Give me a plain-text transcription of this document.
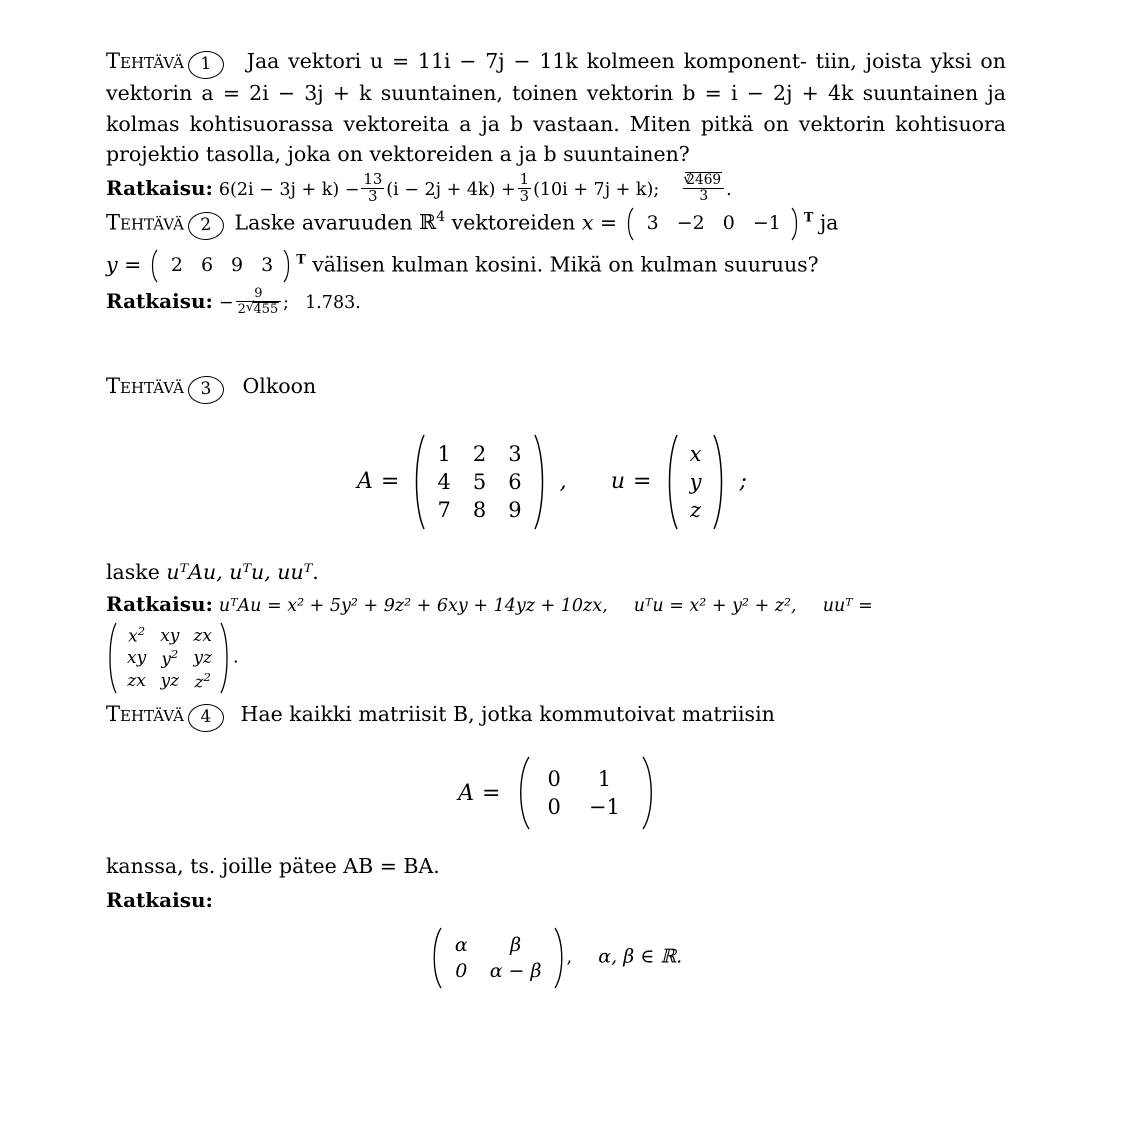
Tehtävä 1 Jaa vektori u = 11i − 7j − 11k kolmeen komponent- tiin, joista yksi on vektorin a = 2i − 3j + k suuntainen, toinen vektorin b = i − 2j + 4k suuntainen ja kolmas kohtisuorassa vektoreita a ja b vastaan. Miten pitkä on vektorin kohtisuora projektio tasolla, joka on vektoreiden a ja b suuntainen?
Ratkaisu: $6(2i - 3j + k) - \frac{13}{3} (i - 2j + 4k) + \frac{1}{3} (10i + 7j + k)$; √ $\frac{2469}{3}$ .
Tehtävä 2 Laske avaruuden ℝ$^4$ vektoreiden x = 3	−2	0	−1 $^T$ ja
y = 2	6	9	3 $^T$ välisen kulman kosini. Mikä on kulman suuruus?
Ratkaisu: − $\frac{9}{2 √ 455}$ ; 1.783.
Tehtävä 3 Olkoon
A =
1	2	3
4	5	6
7	8	9
, u =
x
y
z
;
laske uᵀAu, uᵀu, uuᵀ.
Ratkaisu: uᵀAu = x² + 5y² + 9z² + 6xy + 14yz + 10zx, uᵀu = x² + y² + z², uuᵀ =
$x^2$	xy	zx
xy	$y^2$	yz
zx	yz	$z^2$
.
Tehtävä 4 Hae kaikki matriisit B, jotka kommutoivat matriisin
A =
0	1
0	−1
kanssa, ts. joille pätee AB = BA.
Ratkaisu:
α	β
0	α − β
, α, β ∈ ℝ.
